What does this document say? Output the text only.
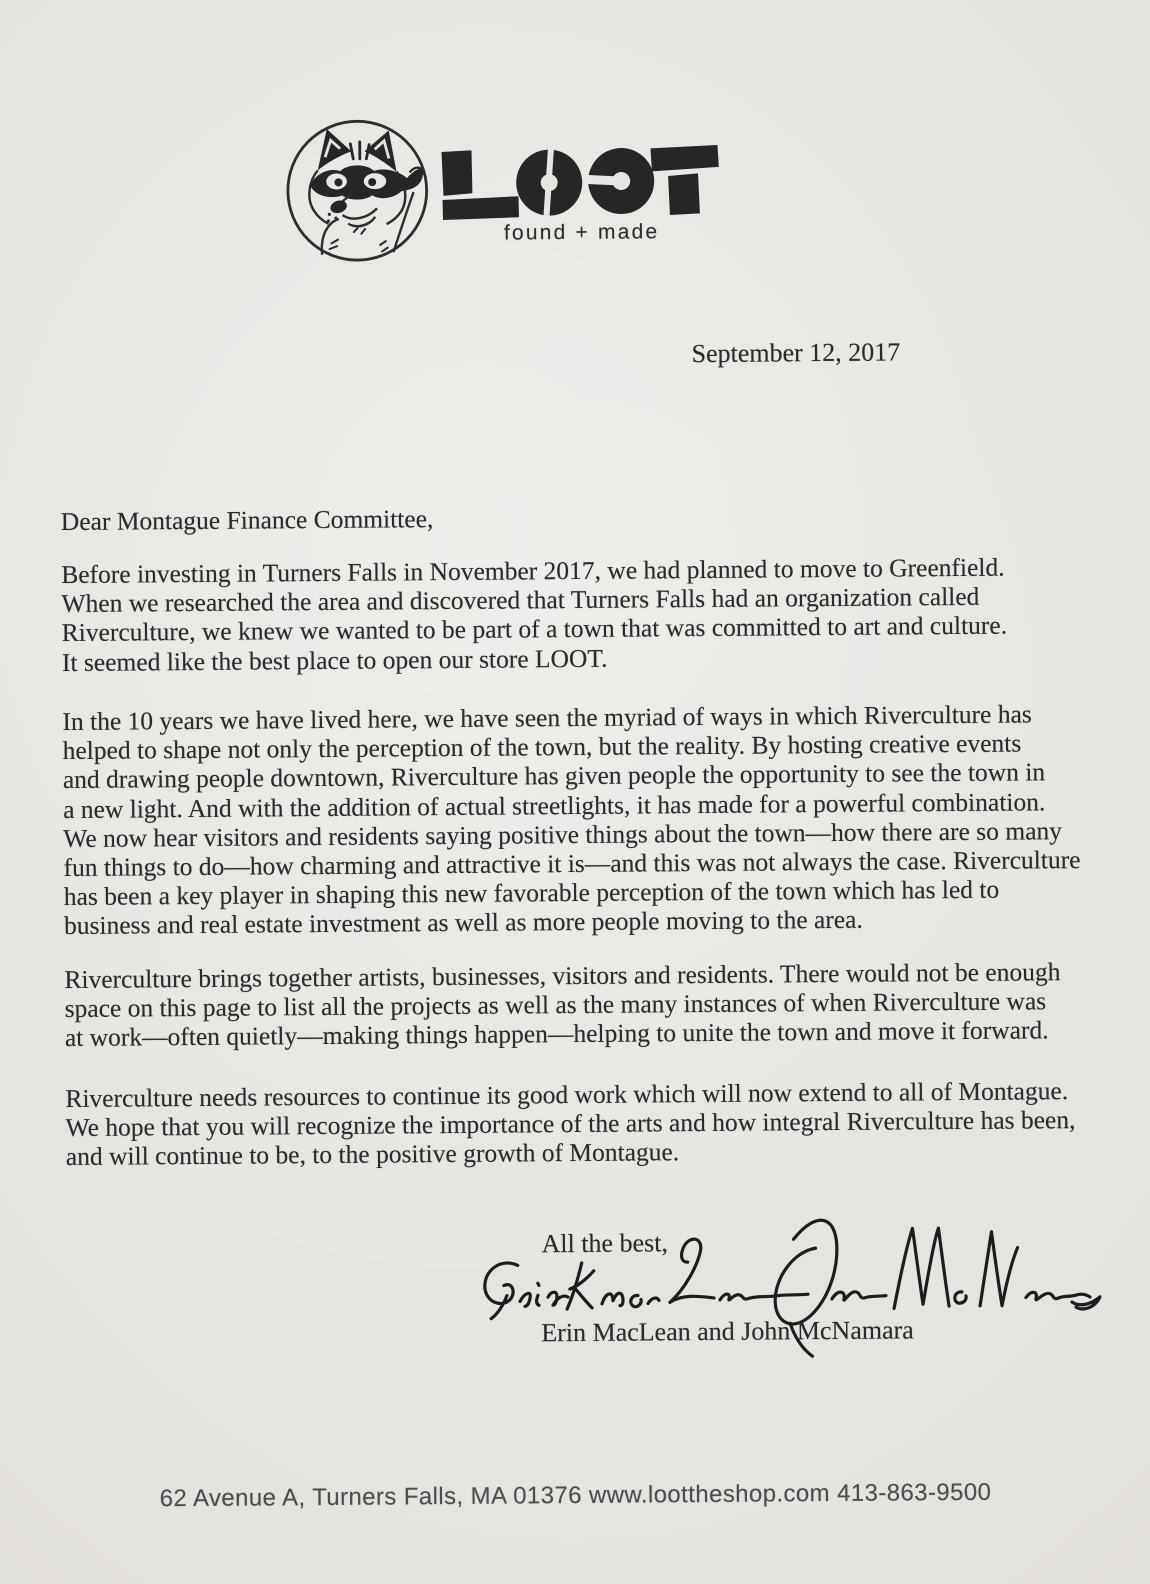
found + made
September 12, 2017
Dear Montague Finance Committee,
Before investing in Turners Falls in November 2017, we had planned to move to Greenfield.
When we researched the area and discovered that Turners Falls had an organization called
Riverculture, we knew we wanted to be part of a town that was committed to art and culture.
It seemed like the best place to open our store LOOT.
In the 10 years we have lived here, we have seen the myriad of ways in which Riverculture has
helped to shape not only the perception of the town, but the reality. By hosting creative events
and drawing people downtown, Riverculture has given people the opportunity to see the town in
a new light. And with the addition of actual streetlights, it has made for a powerful combination.
We now hear visitors and residents saying positive things about the town—how there are so many
fun things to do—how charming and attractive it is—and this was not always the case. Riverculture
has been a key player in shaping this new favorable perception of the town which has led to
business and real estate investment as well as more people moving to the area.
Riverculture brings together artists, businesses, visitors and residents. There would not be enough
space on this page to list all the projects as well as the many instances of when Riverculture was
at work—often quietly—making things happen—helping to unite the town and move it forward.
Riverculture needs resources to continue its good work which will now extend to all of Montague.
We hope that you will recognize the importance of the arts and how integral Riverculture has been,
and will continue to be, to the positive growth of Montague.
All the best,
Erin MacLean and John McNamara
62 Avenue A, Turners Falls, MA 01376 www.loottheshop.com 413-863-9500
